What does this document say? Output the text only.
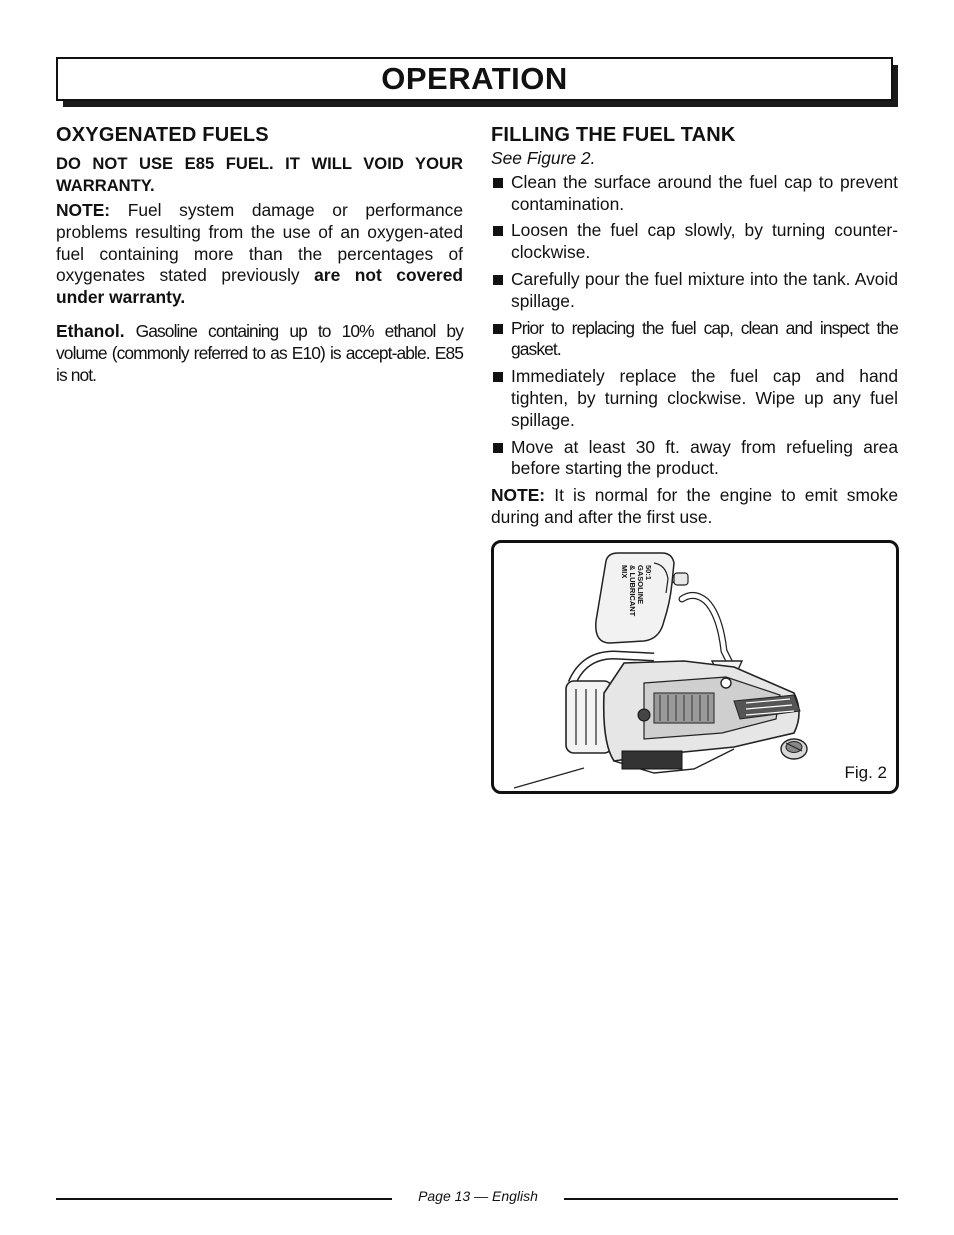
OPERATION
OXYGENATED FUELS
DO NOT USE E85 FUEL. IT WILL VOID YOUR WARRANTY.

NOTE: Fuel system damage or performance problems resulting from the use of an oxygen-ated fuel containing more than the percentages of oxygenates stated previously are not covered under warranty.

Ethanol. Gasoline containing up to 10% ethanol by volume (commonly referred to as E10) is accept-able. E85 is not.

FILLING THE FUEL TANK
See Figure 2.
Clean the surface around the fuel cap to prevent contamination.
Loosen the fuel cap slowly, by turning counter-clockwise.
Carefully pour the fuel mixture into the tank. Avoid spillage.
Prior to replacing the fuel cap, clean and inspect the gasket.
Immediately replace the fuel cap and hand tighten, by turning clockwise. Wipe up any fuel spillage.
Move at least 30 ft. away from refueling area before starting the product.

NOTE: It is normal for the engine to emit smoke during and after the first use.

50:1
GASOLINE
& LUBRICANT
MIX
Fig. 2
Page 13 — English
